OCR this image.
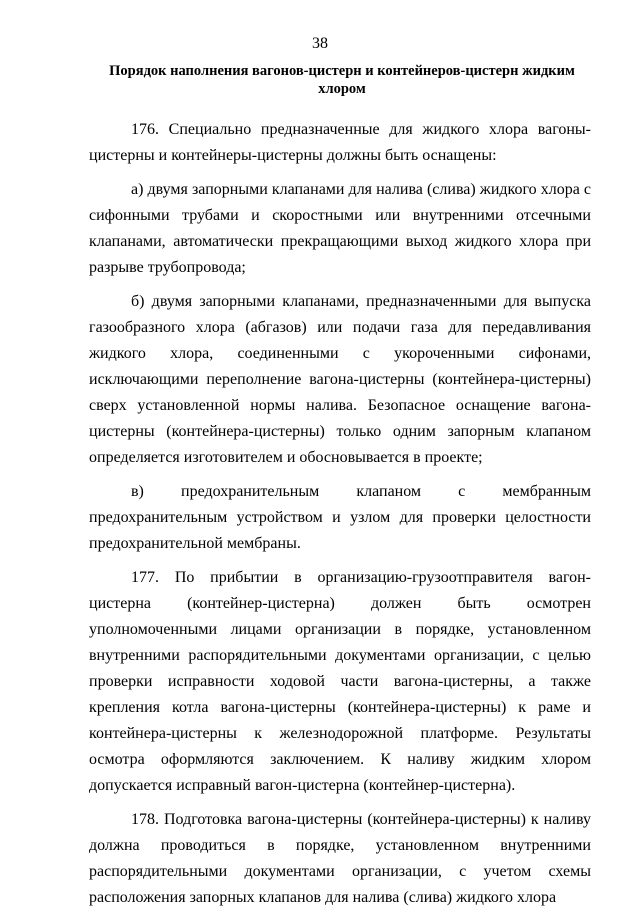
38
Порядок наполнения вагонов-цистерн и контейнеров-цистерн жидким хлором

176. Специально предназначенные для жидкого хлора вагоны-цистерны и контейнеры-цистерны должны быть оснащены:

а) двумя запорными клапанами для налива (слива) жидкого хлора с сифонными трубами и скоростными или внутренними отсечными клапанами, автоматически прекращающими выход жидкого хлора при разрыве трубопровода;

б) двумя запорными клапанами, предназначенными для выпуска газообразного хлора (абгазов) или подачи газа для передавливания жидкого хлора, соединенными с укороченными сифонами, исключающими переполнение вагона-цистерны (контейнера-цистерны) сверх установленной нормы налива. Безопасное оснащение вагона-цистерны (контейнера-цистерны) только одним запорным клапаном определяется изготовителем и обосновывается в проекте;

в) предохранительным клапаном с мембранным предохранительным устройством и узлом для проверки целостности предохранительной мембраны.

177. По прибытии в организацию-грузоотправителя вагон-цистерна (контейнер-цистерна) должен быть осмотрен уполномоченными лицами организации в порядке, установленном внутренними распорядительными документами организации, с целью проверки исправности ходовой части вагона-цистерны, а также крепления котла вагона-цистерны (контейнера-цистерны) к раме и контейнера-цистерны к железнодорожной платформе. Результаты осмотра оформляются заключением. К наливу жидким хлором допускается исправный вагон-цистерна (контейнер-цистерна).

178. Подготовка вагона-цистерны (контейнера-цистерны) к наливу должна проводиться в порядке, установленном внутренними распорядительными документами организации, с учетом схемы расположения запорных клапанов для налива (слива) жидкого хлора
